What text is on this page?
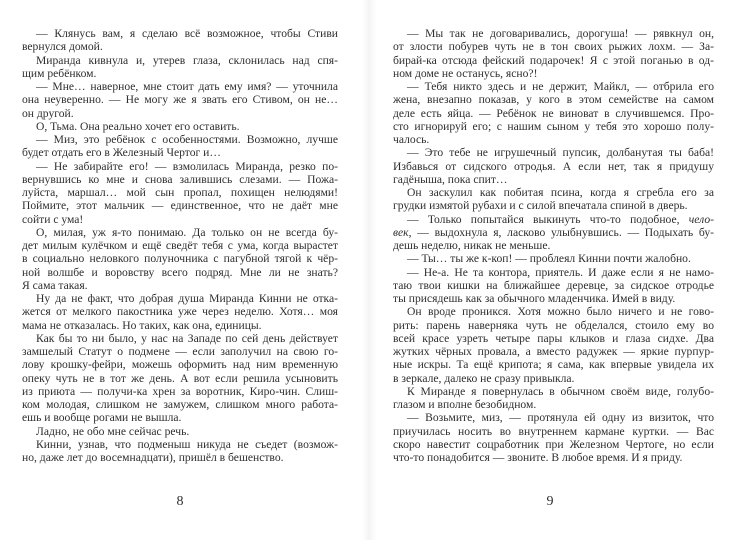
— Клянусь вам, я сделаю всё возможное, чтобы Стиви
вернулся домой.
Миранда кивнула и, утерев глаза, склонилась над спя-
щим ребёнком.
— Мне… наверное, мне стоит дать ему имя? — уточнила
она неуверенно. — Не могу же я звать его Стивом, он не…
он другой.
О, Тьма. Она реально хочет его оставить.
— Миз, это ребёнок с особенностями. Возможно, лучше
будет отдать его в Железный Чертог и…
— Не забирайте его! — взмолилась Миранда, резко по-
вернувшись ко мне и снова залившись слезами. — Пожа-
луйста, маршал… мой сын пропал, похищен нелюдями!
Поймите, этот мальчик — единственное, что не даёт мне
сойти с ума!
О, милая, уж я-то понимаю. Да только он не всегда бу-
дет милым кулёчком и ещё сведёт тебя с ума, когда вырастет
в социально неловкого полуночника с пагубной тягой к чёр-
ной волшбе и воровству всего подряд. Мне ли не знать?
Я сама такая.
Ну да не факт, что добрая душа Миранда Кинни не отка-
жется от мелкого пакостника уже через неделю. Хотя… моя
мама не отказалась. Но таких, как она, единицы.
Как бы то ни было, у нас на Западе по сей день действует
замшелый Статут о подмене — если заполучил на свою го-
лову крошку-фейри, можешь оформить над ним временную
опеку чуть не в тот же день. А вот если решила усыновить
из приюта — получи-ка хрен за воротник, Киро-чин. Слиш-
ком молодая, слишком не замужем, слишком много работа-
ешь и вообще рогами не вышла.
Ладно, не обо мне сейчас речь.
Кинни, узнав, что подменыш никуда не съедет (возмож-
но, даже лет до восемнадцати), пришёл в бешенство.
— Мы так не договаривались, дорогуша! — рявкнул он,
от злости побурев чуть не в тон своих рыжих лохм. — За-
бирай-ка отсюда фейский подарочек! Я с этой поганью в од-
ном доме не останусь, ясно?!
— Тебя никто здесь и не держит, Майкл, — отбрила его
жена, внезапно показав, у кого в этом семействе на самом
деле есть яйца. — Ребёнок не виноват в случившемся. Про-
сто игнорируй его; с нашим сыном у тебя это хорошо полу-
чалось.
— Это тебе не игрушечный пупсик, долбанутая ты баба!
Избавься от сидского отродья. А если нет, так я придушу
гадёныша, пока спит…
Он заскулил как побитая псина, когда я сгребла его за
грудки измятой рубахи и с силой впечатала спиной в дверь.
— Только попытайся выкинуть что-то подобное, чело-
век, — выдохнула я, ласково улыбнувшись. — Подыхать бу-
дешь неделю, никак не меньше.
— Ты… ты же к-коп! — проблеял Кинни почти жалобно.
— Не-а. Не та контора, приятель. И даже если я не намо-
таю твои кишки на ближайшее деревце, за сидское отродье
ты присядешь как за обычного младенчика. Имей в виду.
Он вроде проникся. Хотя можно было ничего и не гово-
рить: парень наверняка чуть не обделался, стоило ему во
всей красе узреть четыре пары клыков и глаза сидхе. Два
жутких чёрных провала, а вместо радужек — яркие пурпур-
ные искры. Та ещё крипота; я сама, как впервые увидела их
в зеркале, далеко не сразу привыкла.
К Миранде я повернулась в обычном своём виде, голубо-
глазом и вполне безобидном.
— Возьмите, миз, — протянула ей одну из визиток, что
приучилась носить во внутреннем кармане куртки. — Вас
скоро навестит соцработник при Железном Чертоге, но если
что-то понадобится — звоните. В любое время. И я приду.
8	9
